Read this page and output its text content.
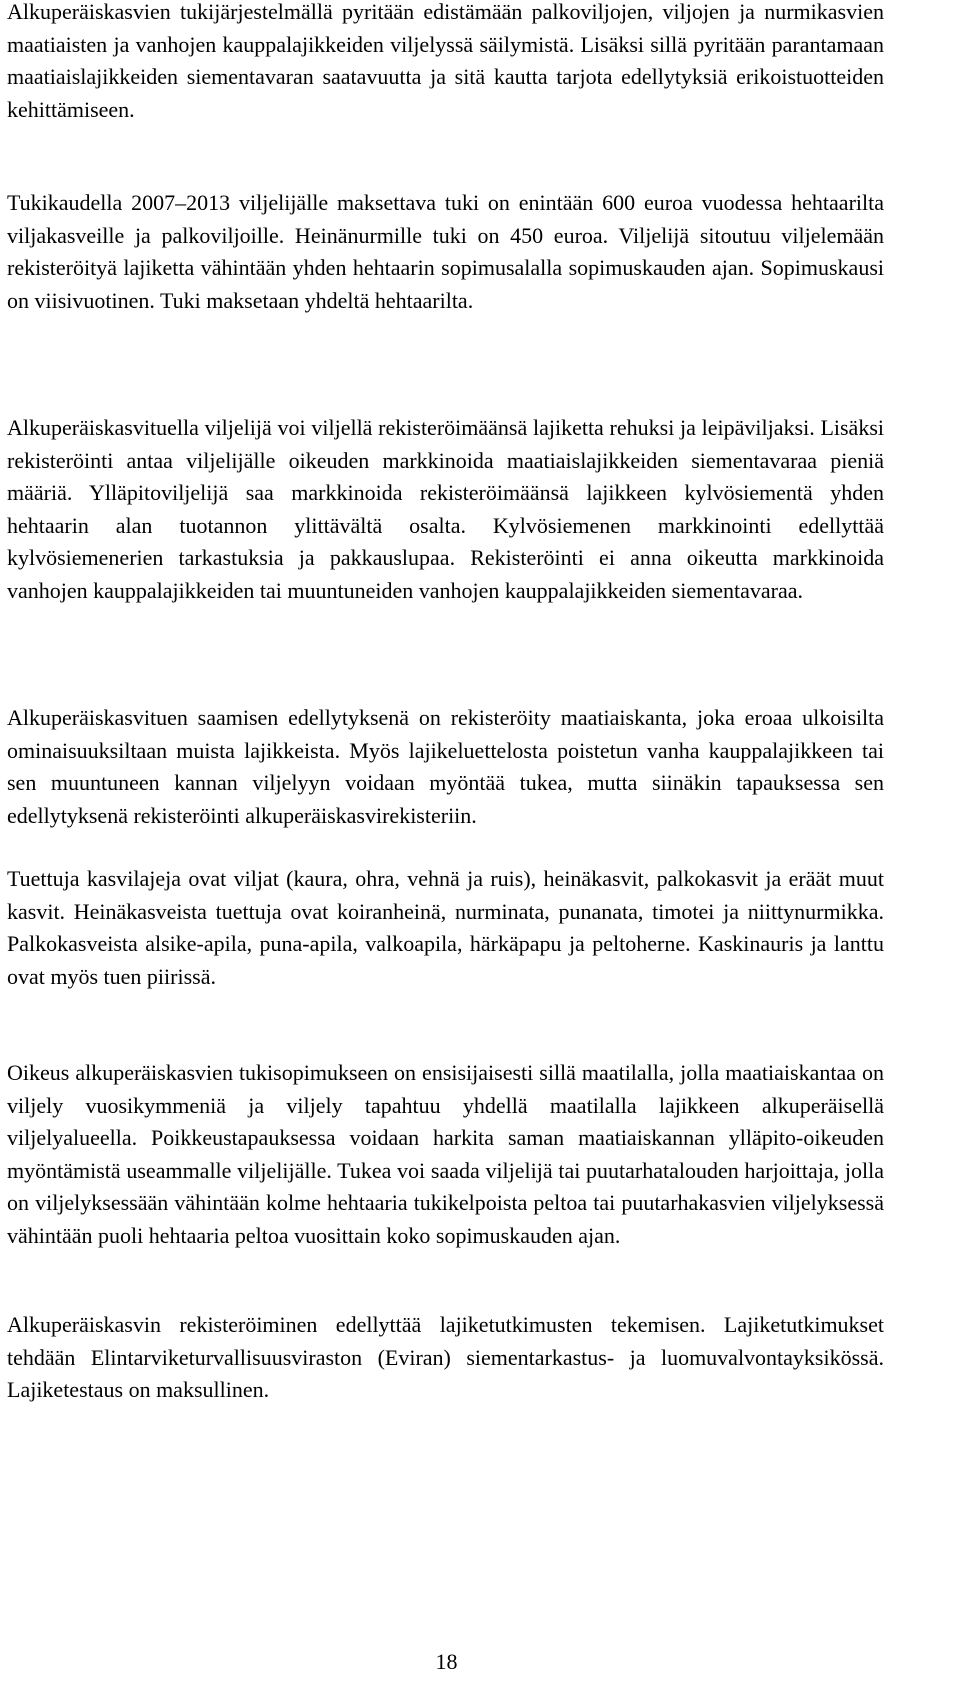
Alkuperäiskasvien tukijärjestelmällä pyritään edistämään palkoviljojen, viljojen ja nurmikasvien maatiaisten ja vanhojen kauppalajikkeiden viljelyssä säilymistä. Lisäksi sillä pyritään parantamaan maatiaislajikkeiden siementavaran saatavuutta ja sitä kautta tarjota edellytyksiä erikoistuotteiden kehittämiseen.

Tukikaudella 2007–2013 viljelijälle maksettava tuki on enintään 600 euroa vuodessa hehtaarilta viljakasveille ja palkoviljoille. Heinänurmille tuki on 450 euroa. Viljelijä sitoutuu viljelemään rekisteröityä lajiketta vähintään yhden hehtaarin sopimusalalla sopimuskauden ajan. Sopimuskausi on viisivuotinen. Tuki maksetaan yhdeltä hehtaarilta.

Alkuperäiskasvituella viljelijä voi viljellä rekisteröimäänsä lajiketta rehuksi ja leipäviljaksi. Lisäksi rekisteröinti antaa viljelijälle oikeuden markkinoida maatiaislajikkeiden siementavaraa pieniä määriä. Ylläpitoviljelijä saa markkinoida rekisteröimäänsä lajikkeen kylvösiementä yhden hehtaarin alan tuotannon ylittävältä osalta. Kylvösiemenen markkinointi edellyttää kylvösiemenerien tarkastuksia ja pakkauslupaa. Rekisteröinti ei anna oikeutta markkinoida vanhojen kauppalajikkeiden tai muuntuneiden vanhojen kauppalajikkeiden siementavaraa.

Alkuperäiskasvituen saamisen edellytyksenä on rekisteröity maatiaiskanta, joka eroaa ulkoisilta ominaisuuksiltaan muista lajikkeista. Myös lajikeluettelosta poistetun vanha kauppalajikkeen tai sen muuntuneen kannan viljelyyn voidaan myöntää tukea, mutta siinäkin tapauksessa sen edellytyksenä rekisteröinti alkuperäiskasvirekisteriin.

Tuettuja kasvilajeja ovat viljat (kaura, ohra, vehnä ja ruis), heinäkasvit, palkokasvit ja eräät muut kasvit. Heinäkasveista tuettuja ovat koiranheinä, nurminata, punanata, timotei ja niittynurmikka. Palkokasveista alsike-apila, puna-apila, valkoapila, härkäpapu ja peltoherne. Kaskinauris ja lanttu ovat myös tuen piirissä.

Oikeus alkuperäiskasvien tukisopimukseen on ensisijaisesti sillä maatilalla, jolla maatiaiskantaa on viljely vuosikymmeniä ja viljely tapahtuu yhdellä maatilalla lajikkeen alkuperäisellä viljelyalueella. Poikkeustapauksessa voidaan harkita saman maatiaiskannan ylläpito-oikeuden myöntämistä useammalle viljelijälle. Tukea voi saada viljelijä tai puutarhatalouden harjoittaja, jolla on viljelyksessään vähintään kolme hehtaaria tukikelpoista peltoa tai puutarhakasvien viljelyksessä vähintään puoli hehtaaria peltoa vuosittain koko sopimuskauden ajan.

Alkuperäiskasvin rekisteröiminen edellyttää lajiketutkimusten tekemisen. Lajiketutkimukset tehdään Elintarviketurvallisuusviraston (Eviran) siementarkastus- ja luomuvalvontayksikössä. Lajiketestaus on maksullinen.

18
